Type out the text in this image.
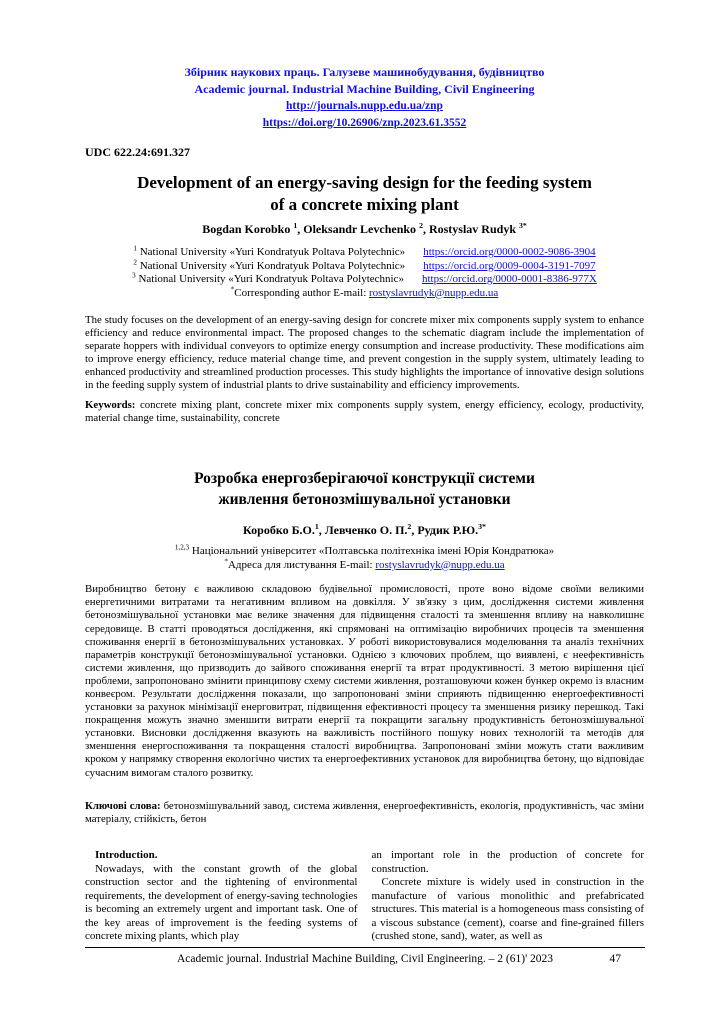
Збірник наукових праць. Галузеве машинобудування, будівництво
Academic journal. Industrial Machine Building, Civil Engineering
http://journals.nupp.edu.ua/znp
https://doi.org/10.26906/znp.2023.61.3552
UDC 622.24:691.327
Development of an energy-saving design for the feeding system
of a concrete mixing plant
Bogdan Korobko $^1$, Oleksandr Levchenko $^2$, Rostyslav Rudyk $^{3*}$
$^1$ National University «Yuri Kondratyuk Poltava Polytechnic» https://orcid.org/0000-0002-9086-3904
$^2$ National University «Yuri Kondratyuk Poltava Polytechnic» https://orcid.org/0009-0004-3191-7097
$^3$ National University «Yuri Kondratyuk Poltava Polytechnic» https://orcid.org/0000-0001-8386-977X
*Corresponding author E-mail: rostyslavrudyk@nupp.edu.ua
The study focuses on the development of an energy-saving design for concrete mixer mix components supply system to enhance efficiency and reduce environmental impact. The proposed changes to the schematic diagram include the implementation of separate hoppers with individual conveyors to optimize energy consumption and increase productivity. These modifications aim to improve energy efficiency, reduce material change time, and prevent congestion in the supply system, ultimately leading to enhanced productivity and streamlined production processes. This study highlights the importance of innovative design solutions in the feeding supply system of industrial plants to drive sustainability and efficiency improvements.
Keywords: concrete mixing plant, concrete mixer mix components supply system, energy efficiency, ecology, productivity, material change time, sustainability, concrete
Розробка енергозберігаючої конструкції системи
живлення бетонозмішувальної установки
Коробко Б.О.$^1$, Левченко О. П.$^2$, Рудик Р.Ю.$^{3*}$
$^{1,2,3}$ Національний університет «Полтавська політехніка імені Юрія Кондратюка»
*Адреса для листування E-mail: rostyslavrudyk@nupp.edu.ua
Виробництво бетону є важливою складовою будівельної промисловості, проте воно відоме своїми великими енергетичними витратами та негативним впливом на довкілля. У зв'язку з цим, дослідження системи живлення бетонозмішувальної установки має велике значення для підвищення сталості та зменшення впливу на навколишнє середовище. В статті проводяться дослідження, які спрямовані на оптимізацію виробничих процесів та зменшення споживання енергії в бетонозмішувальних установках. У роботі використовувалися моделювання та аналіз технічних параметрів конструкції бетонозмішувальної установки. Однією з ключових проблем, що виявлені, є неефективність системи живлення, що призводить до зайвого споживання енергії та втрат продуктивності. З метою вирішення цієї проблеми, запропоновано змінити принципову схему системи живлення, розташовуючи кожен бункер окремо із власним конвеєром. Результати дослідження показали, що запропоновані зміни сприяють підвищенню енергоефективності установки за рахунок мінімізації енерговитрат, підвищення ефективності процесу та зменшення ризику перешкод. Такі покращення можуть значно зменшити витрати енергії та покращити загальну продуктивність бетонозмішувальної установки. Висновки дослідження вказують на важливість постійного пошуку нових технологій та методів для зменшення енергоспоживання та покращення сталості виробництва. Запропоновані зміни можуть стати важливим кроком у напрямку створення екологічно чистих та енергоефективних установок для виробництва бетону, що відповідає сучасним вимогам сталого розвитку.
Ключові слова: бетонозмішувальний завод, система живлення, енергоефективність, екологія, продуктивність, час зміни матеріалу, стійкість, бетон
Introduction.

Nowadays, with the constant growth of the global construction sector and the tightening of environmental requirements, the development of energy-saving technologies is becoming an extremely urgent and important task. One of the key areas of improvement is the feeding systems of concrete mixing plants, which play

an important role in the production of concrete for construction.

Concrete mixture is widely used in construction in the manufacture of various monolithic and prefabricated structures. This material is a homogeneous mass consisting of a viscous substance (cement), coarse and fine-grained fillers (crushed stone, sand), water, as well as

Academic journal. Industrial Machine Building, Civil Engineering. – 2 (61)' 2023	47
